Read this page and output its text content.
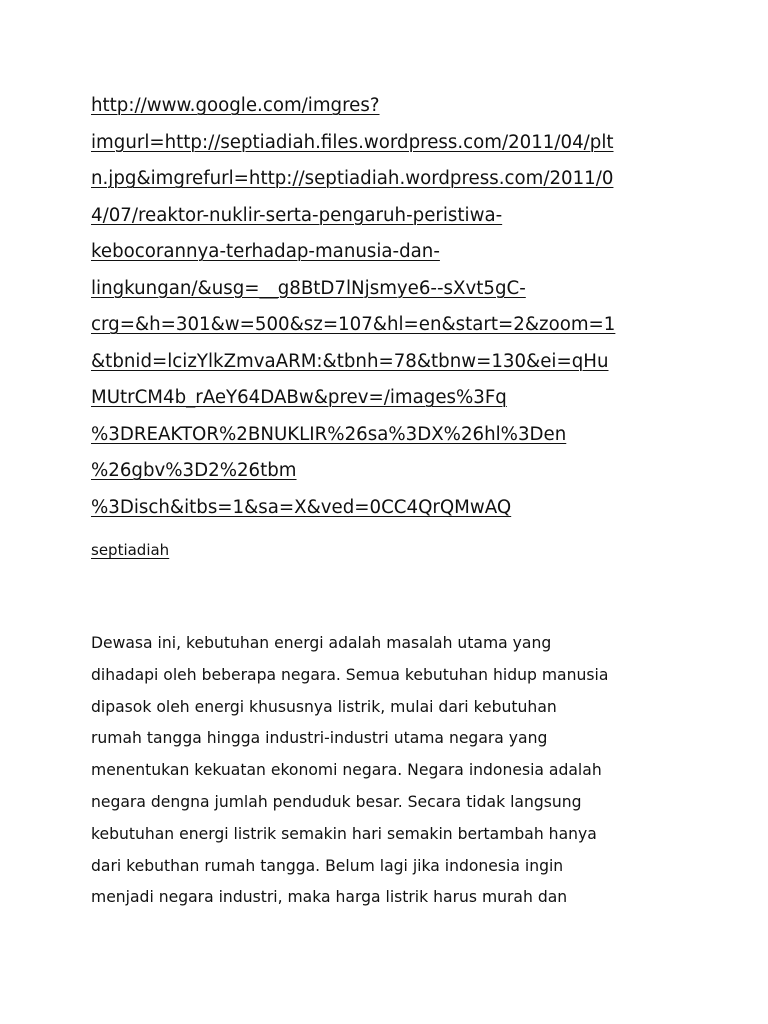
http://www.google.com/imgres?
imgurl=http://septiadiah.files.wordpress.com/2011/04/plt
n.jpg&imgrefurl=http://septiadiah.wordpress.com/2011/0
4/07/reaktor-nuklir-serta-pengaruh-peristiwa-
kebocorannya-terhadap-manusia-dan-
lingkungan/&usg=__g8BtD7lNjsmye6--sXvt5gC-
crg=&h=301&w=500&sz=107&hl=en&start=2&zoom=1
&tbnid=lcizYlkZmvaARM:&tbnh=78&tbnw=130&ei=qHu
MUtrCM4b_rAeY64DABw&prev=/images%3Fq
%3DREAKTOR%2BNUKLIR%26sa%3DX%26hl%3Den
%26gbv%3D2%26tbm
%3Disch&itbs=1&sa=X&ved=0CC4QrQMwAQ
septiadiah
Dewasa ini, kebutuhan energi adalah masalah utama yang
dihadapi oleh beberapa negara. Semua kebutuhan hidup manusia
dipasok oleh energi khususnya listrik, mulai dari kebutuhan
rumah tangga hingga industri-industri utama negara yang
menentukan kekuatan ekonomi negara. Negara indonesia adalah
negara dengna jumlah penduduk besar. Secara tidak langsung
kebutuhan energi listrik semakin hari semakin bertambah hanya
dari kebuthan rumah tangga. Belum lagi jika indonesia ingin
menjadi negara industri, maka harga listrik harus murah dan
